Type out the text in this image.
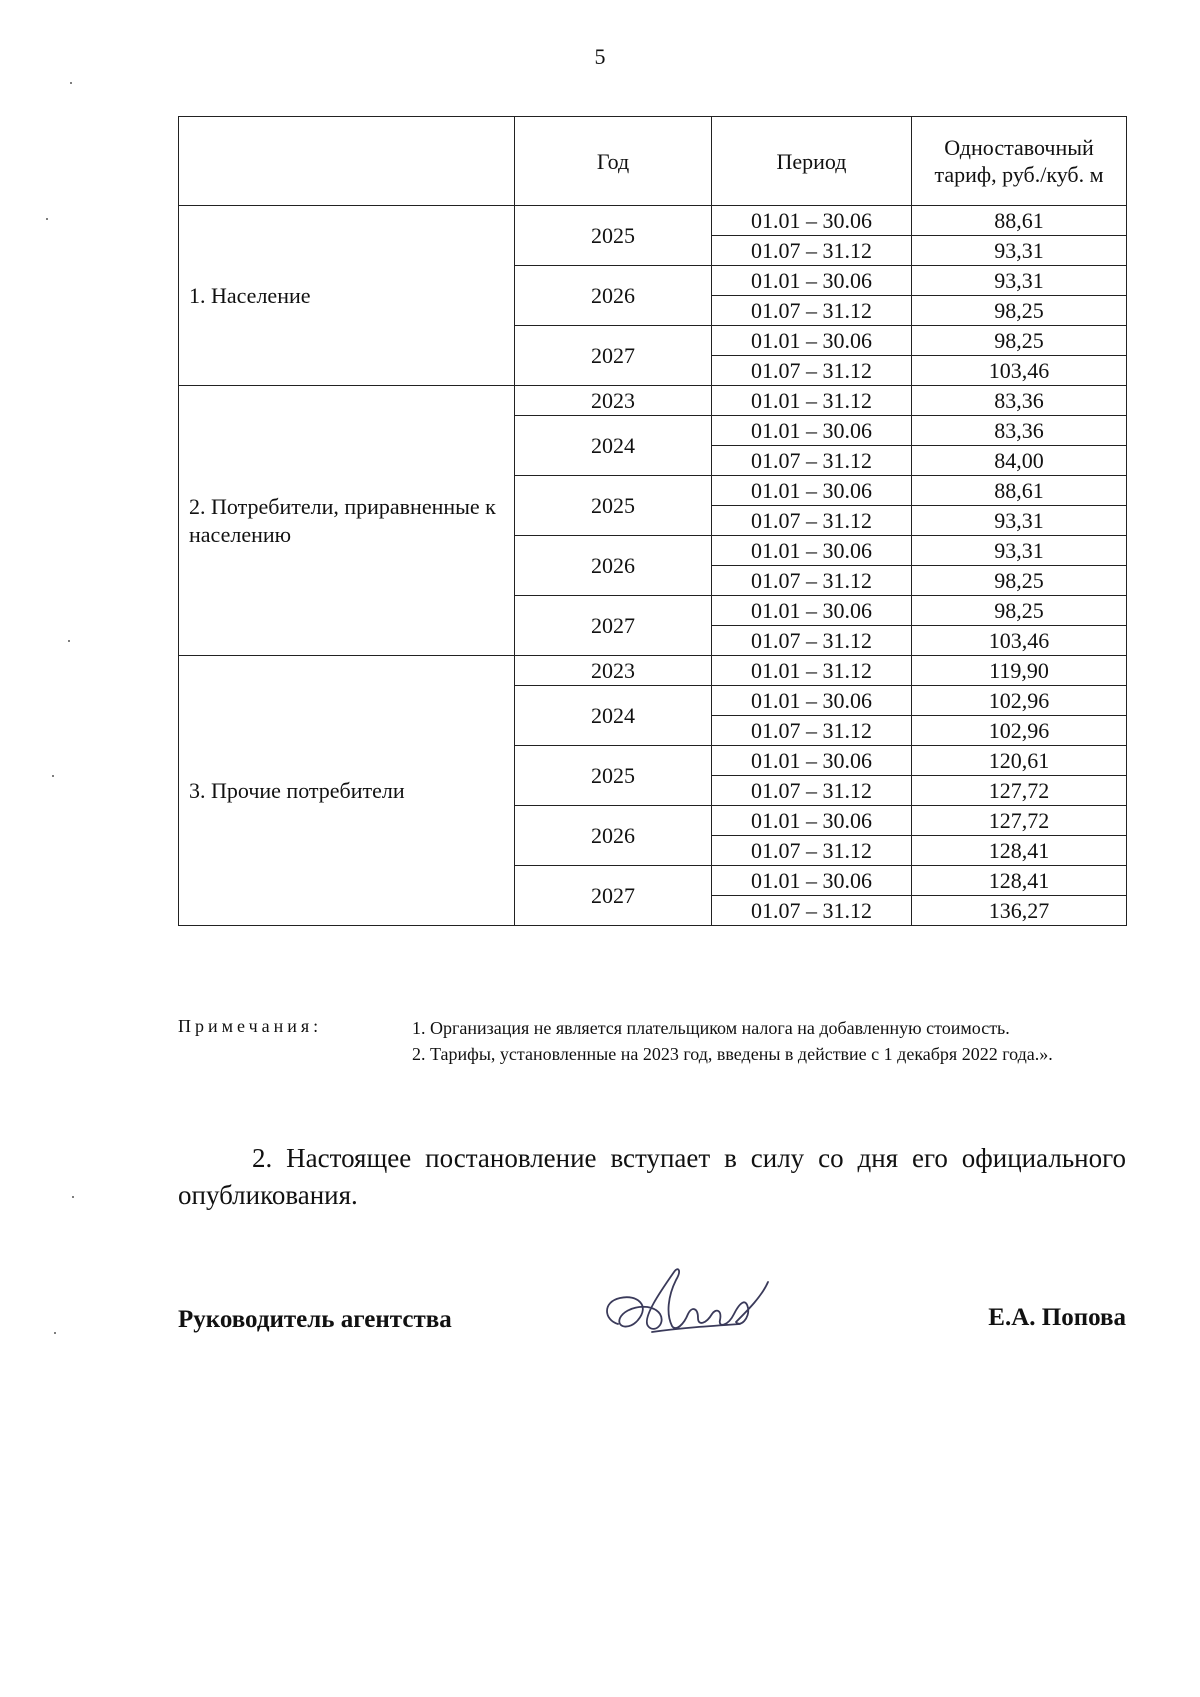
5
	Год	Период	Одноставочный тариф, руб./куб. м

1. Население	2025	01.01 – 30.06	88,61
		01.07 – 31.12	93,31
	2026	01.01 – 30.06	93,31
		01.07 – 31.12	98,25
	2027	01.01 – 30.06	98,25
		01.07 – 31.12	103,46
2. Потребители, приравненные к населению	2023	01.01 – 31.12	83,36
	2024	01.01 – 30.06	83,36
		01.07 – 31.12	84,00
	2025	01.01 – 30.06	88,61
		01.07 – 31.12	93,31
	2026	01.01 – 30.06	93,31
		01.07 – 31.12	98,25
	2027	01.01 – 30.06	98,25
		01.07 – 31.12	103,46
3. Прочие потребители	2023	01.01 – 31.12	119,90
	2024	01.01 – 30.06	102,96
		01.07 – 31.12	102,96
	2025	01.01 – 30.06	120,61
		01.07 – 31.12	127,72
	2026	01.01 – 30.06	127,72
		01.07 – 31.12	128,41
	2027	01.01 – 30.06	128,41
		01.07 – 31.12	136,27
Примечания:	1. Организация не является плательщиком налога на добавленную стоимость.

2. Тарифы, установленные на 2023 год, введены в действие с 1 декабря 2022 года.».

2. Настоящее постановление вступает в силу со дня его официального опубликования.

Руководитель агентства	Е.А. Попова
